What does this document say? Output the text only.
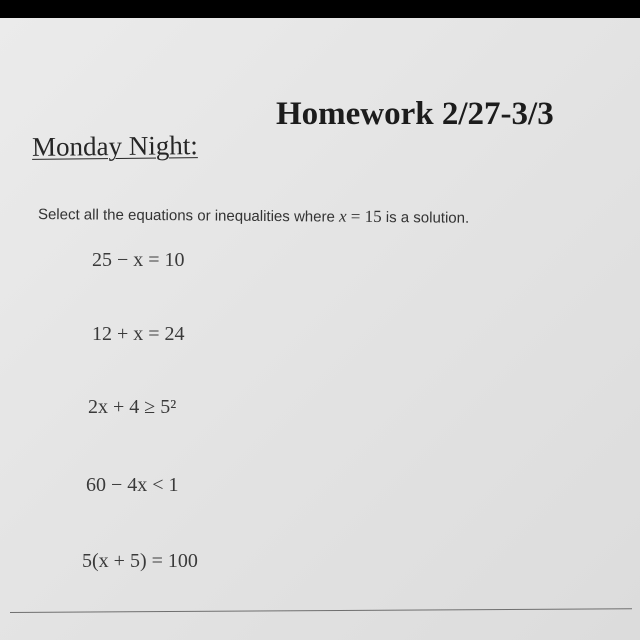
Homework 2/27-3/3
Monday Night:
Select all the equations or inequalities where x = 15 is a solution.
25 − x = 10
12 + x = 24
2x + 4 ≥ 5²
60 − 4x < 1
5(x + 5) = 100
